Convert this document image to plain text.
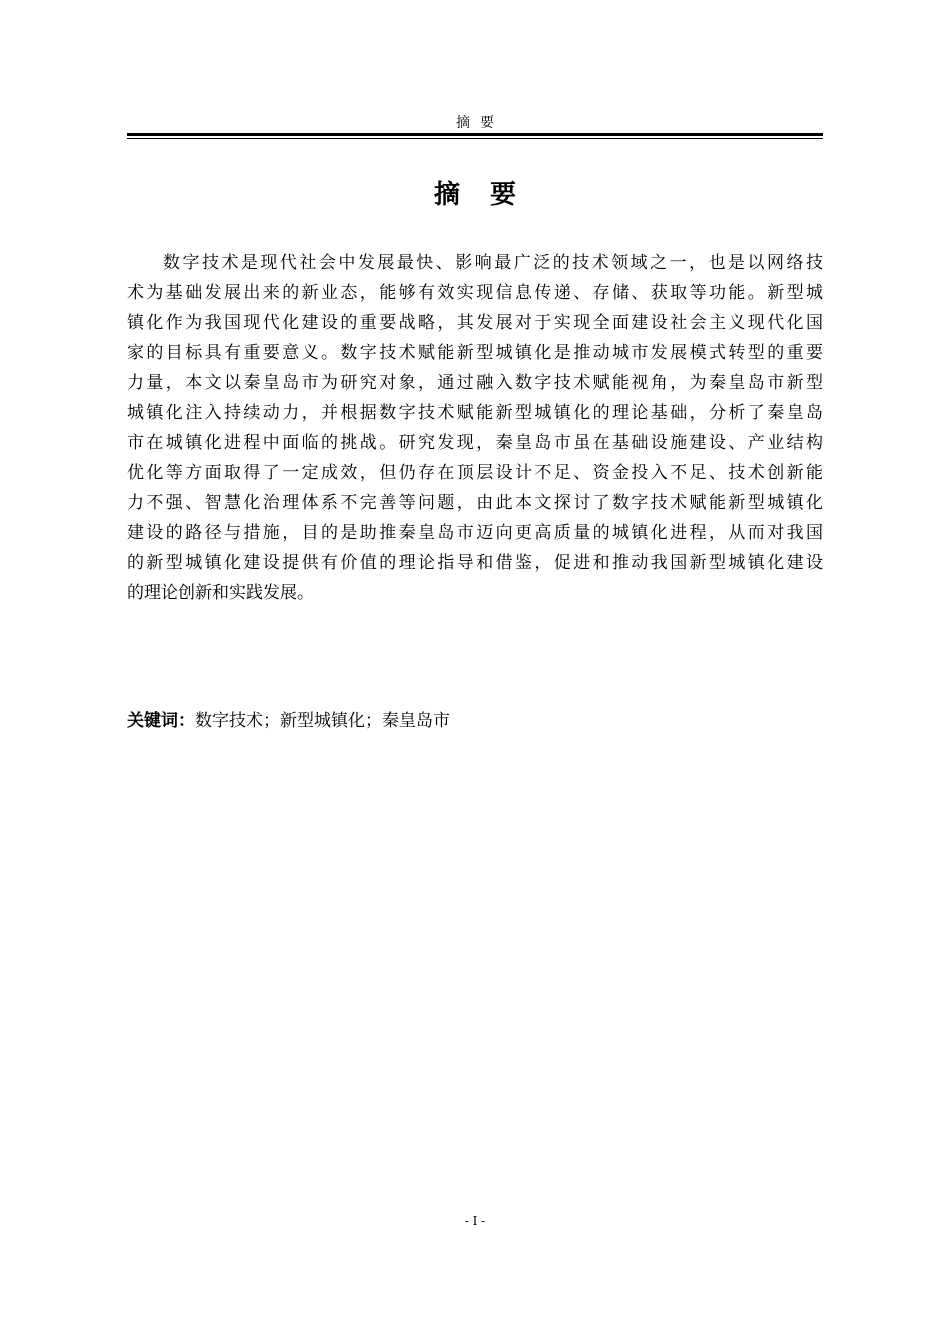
摘要
摘要
数字技术是现代社会中发展最快、影响最广泛的技术领域之一，也是以网络技
术为基础发展出来的新业态，能够有效实现信息传递、存储、获取等功能。新型城
镇化作为我国现代化建设的重要战略，其发展对于实现全面建设社会主义现代化国
家的目标具有重要意义。数字技术赋能新型城镇化是推动城市发展模式转型的重要
力量，本文以秦皇岛市为研究对象，通过融入数字技术赋能视角，为秦皇岛市新型
城镇化注入持续动力，并根据数字技术赋能新型城镇化的理论基础，分析了秦皇岛
市在城镇化进程中面临的挑战。研究发现，秦皇岛市虽在基础设施建设、产业结构
优化等方面取得了一定成效，但仍存在顶层设计不足、资金投入不足、技术创新能
力不强、智慧化治理体系不完善等问题，由此本文探讨了数字技术赋能新型城镇化
建设的路径与措施，目的是助推秦皇岛市迈向更高质量的城镇化进程，从而对我国
的新型城镇化建设提供有价值的理论指导和借鉴，促进和推动我国新型城镇化建设
的理论创新和实践发展。
关键词：数字技术；新型城镇化；秦皇岛市
- I -
